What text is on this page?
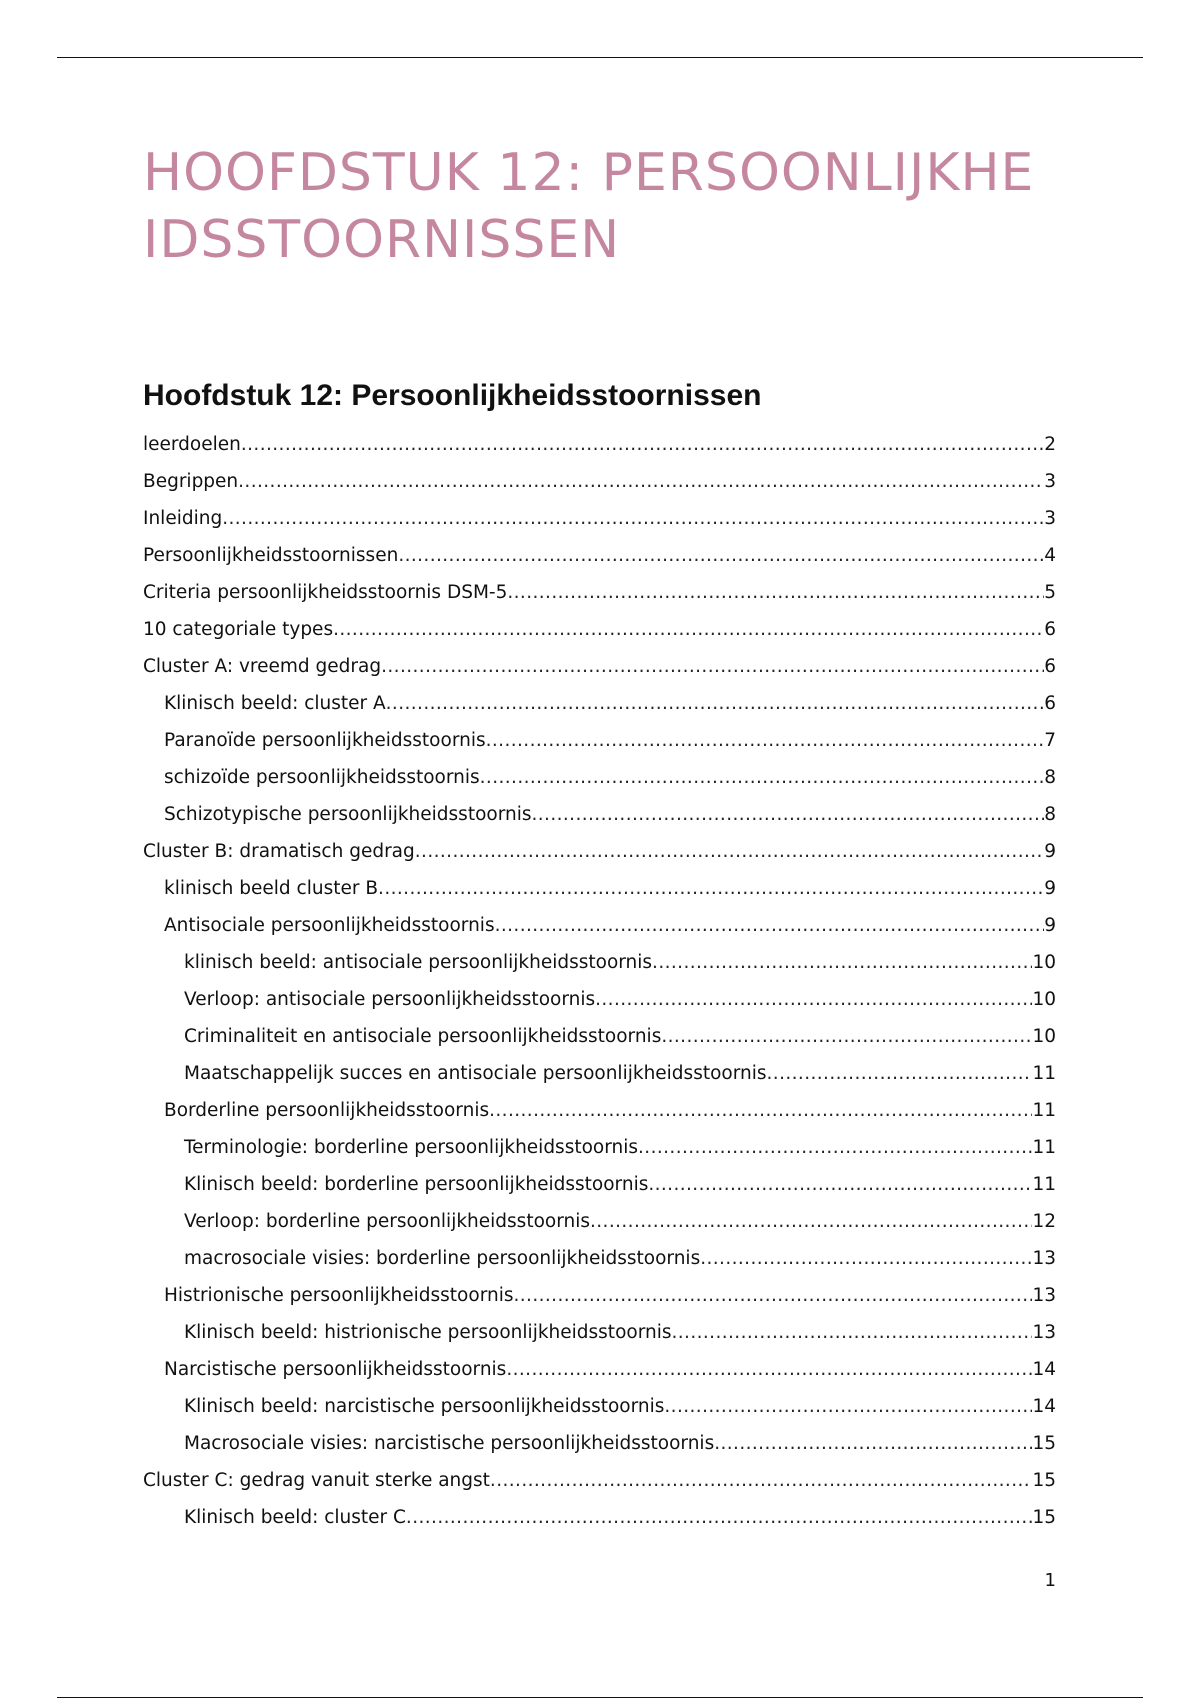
HOOFDSTUK 12: PERSOONLIJKHEIDSSTOORNISSEN
Hoofdstuk 12: Persoonlijkheidsstoornissen
leerdoelen .....	2
Begrippen .....	3
Inleiding .....	3
Persoonlijkheidsstoornissen .....	4
Criteria persoonlijkheidsstoornis DSM-5 .....	5
10 categoriale types .....	6
Cluster A: vreemd gedrag .....	6
Klinisch beeld: cluster A .....	6
Paranoïde persoonlijkheidsstoornis .....	7
schizoïde persoonlijkheidsstoornis .....	8
Schizotypische persoonlijkheidsstoornis .....	8
Cluster B: dramatisch gedrag .....	9
klinisch beeld cluster B .....	9
Antisociale persoonlijkheidsstoornis .....	9
klinisch beeld: antisociale persoonlijkheidsstoornis .....	10
Verloop: antisociale persoonlijkheidsstoornis .....	10
Criminaliteit en antisociale persoonlijkheidsstoornis .....	10
Maatschappelijk succes en antisociale persoonlijkheidsstoornis .....	11
Borderline persoonlijkheidsstoornis .....	11
Terminologie: borderline persoonlijkheidsstoornis .....	11
Klinisch beeld: borderline persoonlijkheidsstoornis .....	11
Verloop: borderline persoonlijkheidsstoornis .....	12
macrosociale visies: borderline persoonlijkheidsstoornis .....	13
Histrionische persoonlijkheidsstoornis .....	13
Klinisch beeld: histrionische persoonlijkheidsstoornis .....	13
Narcistische persoonlijkheidsstoornis .....	14
Klinisch beeld: narcistische persoonlijkheidsstoornis .....	14
Macrosociale visies: narcistische persoonlijkheidsstoornis .....	15
Cluster C: gedrag vanuit sterke angst .....	15
Klinisch beeld: cluster C .....	15
1
